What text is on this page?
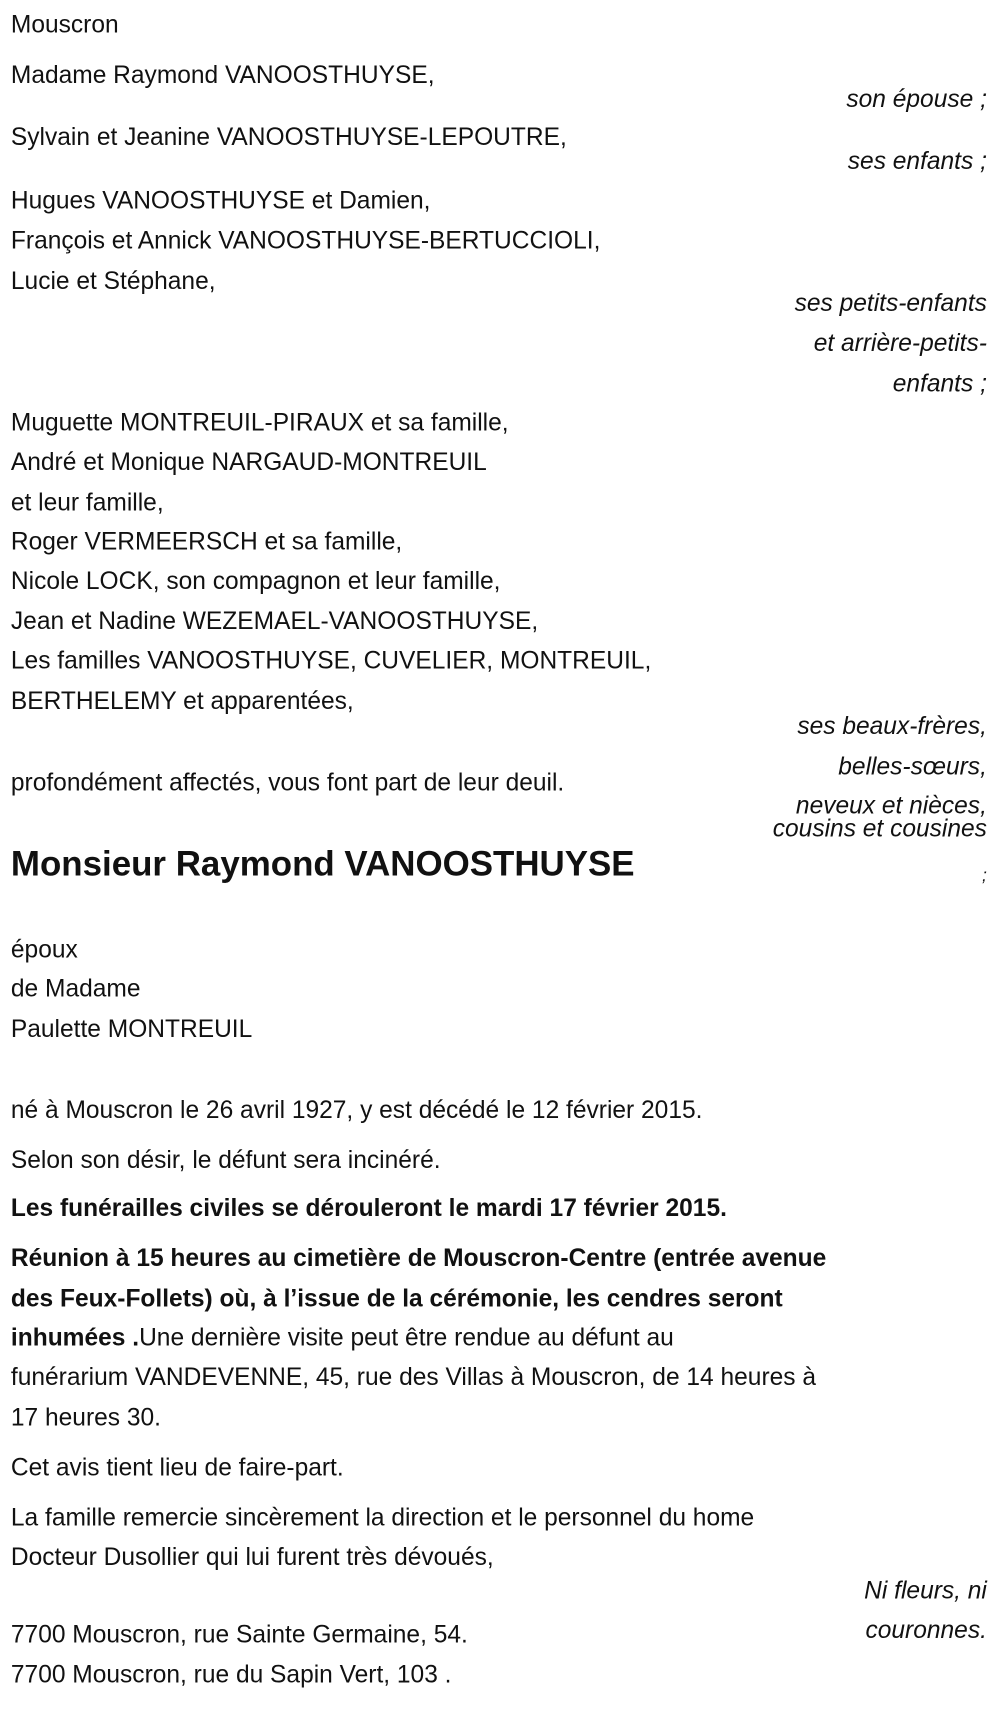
Mouscron
Madame Raymond VANOOSTHUYSE,
son épouse ;
Sylvain et Jeanine VANOOSTHUYSE-LEPOUTRE,
ses enfants ;
Hugues VANOOSTHUYSE et Damien,
François et Annick VANOOSTHUYSE-BERTUCCIOLI,
Lucie et Stéphane,
ses petits-enfants
et arrière-petits-
enfants ;
Muguette MONTREUIL-PIRAUX et sa famille,
André et Monique NARGAUD-MONTREUIL
et leur famille,
Roger VERMEERSCH et sa famille,
Nicole LOCK, son compagnon et leur famille,
Jean et Nadine WEZEMAEL-VANOOSTHUYSE,
Les familles VANOOSTHUYSE, CUVELIER, MONTREUIL,
BERTHELEMY et apparentées,
ses beaux-frères,
belles-sœurs,
neveux et nièces,
cousins et cousines
;
profondément affectés, vous font part de leur deuil.
Monsieur Raymond VANOOSTHUYSE
époux
de Madame
Paulette MONTREUIL
né à Mouscron le 26 avril 1927, y est décédé le 12 février 2015.
Selon son désir, le défunt sera incinéré.
Les funérailles civiles se dérouleront le mardi 17 février 2015.
Réunion à 15 heures au cimetière de Mouscron-Centre (entrée avenue
des Feux-Follets) où, à l’issue de la cérémonie, les cendres seront
inhumées .Une dernière visite peut être rendue au défunt au
funérarium VANDEVENNE, 45, rue des Villas à Mouscron, de 14 heures à
17 heures 30.
Cet avis tient lieu de faire-part.
La famille remercie sincèrement la direction et le personnel du home
Docteur Dusollier qui lui furent très dévoués,
Ni fleurs, ni
couronnes.
7700 Mouscron, rue Sainte Germaine, 54.
7700 Mouscron, rue du Sapin Vert, 103 .
